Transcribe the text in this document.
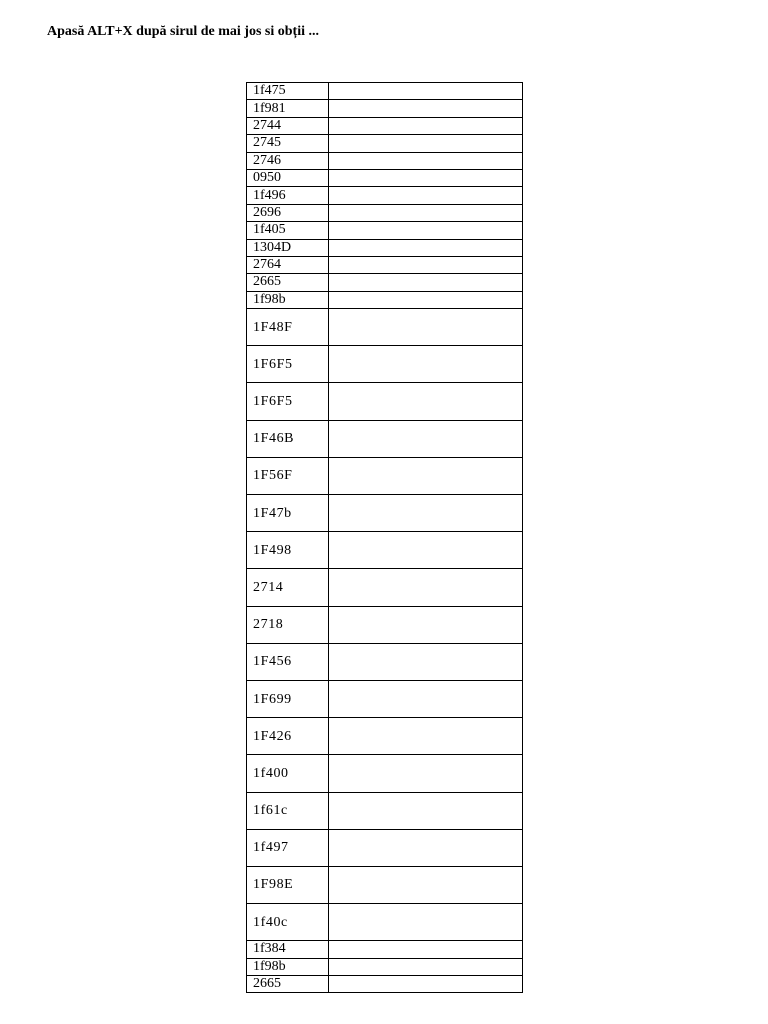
Apasă ALT+X după sirul de mai jos si obții ...
1f475	
1f981	
2744	
2745	
2746	
0950	
1f496	
2696	
1f405	
1304D	
2764	
2665	
1f98b	
1F48F	
1F6F5	
1F6F5	
1F46B	
1F56F	
1F47b	
1F498	
2714	
2718	
1F456	
1F699	
1F426	
1f400	
1f61c	
1f497	
1F98E	
1f40c	
1f384	
1f98b	
2665	
